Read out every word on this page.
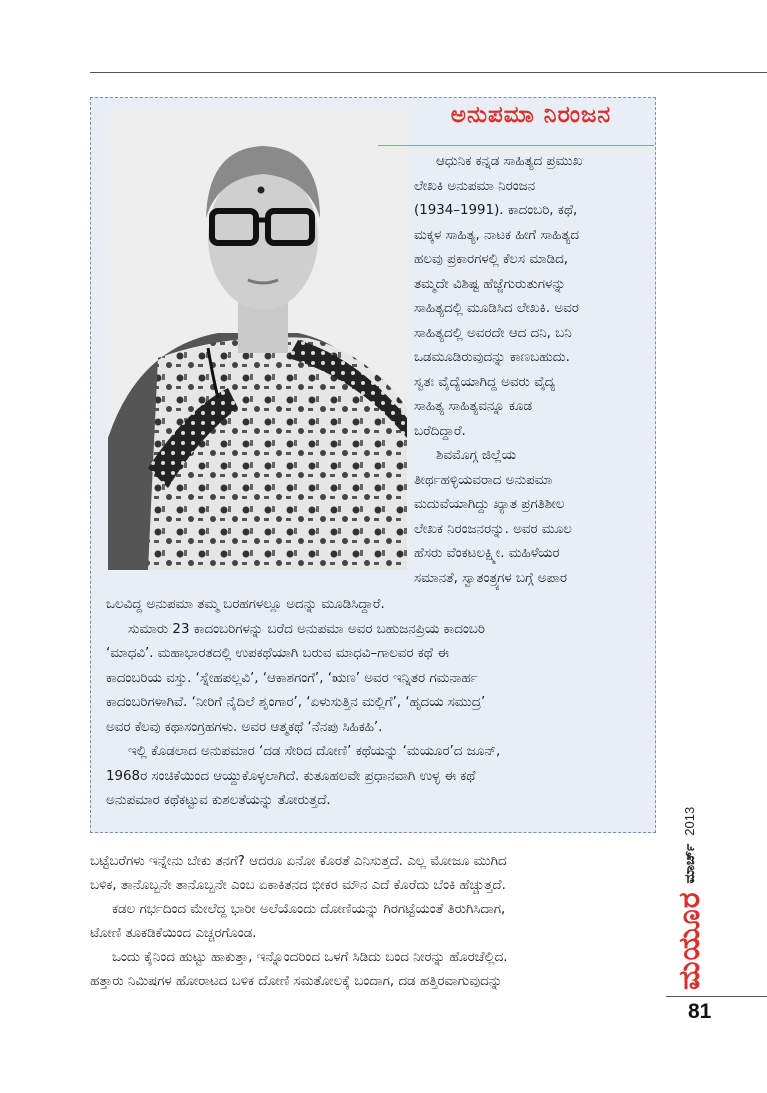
ಅನುಪಮಾ ನಿರಂಜನ

ಆಧುನಿಕ ಕನ್ನಡ ಸಾಹಿತ್ಯದ ಪ್ರಮುಖ

ಲೇಖಕಿ ಅನುಪಮಾ ನಿರಂಜನ

(1934–1991). ಕಾದಂಬರಿ, ಕಥೆ,

ಮಕ್ಕಳ ಸಾಹಿತ್ಯ, ನಾಟಕ ಹೀಗೆ ಸಾಹಿತ್ಯದ

ಹಲವು ಪ್ರಕಾರಗಳಲ್ಲಿ ಕೆಲಸ ಮಾಡಿದ,

ತಮ್ಮದೇ ವಿಶಿಷ್ಟ ಹೆಜ್ಜೆಗುರುತುಗಳನ್ನು

ಸಾಹಿತ್ಯದಲ್ಲಿ ಮೂಡಿಸಿದ ಲೇಖಕಿ. ಅವರ

ಸಾಹಿತ್ಯದಲ್ಲಿ ಅವರದೇ ಆದ ದನಿ, ಬನಿ

ಒಡಮೂಡಿರುವುದನ್ನು ಕಾಣಬಹುದು.

ಸ್ವತಃ ವೈದ್ಯೆಯಾಗಿದ್ದ ಅವರು ವೈದ್ಯ

ಸಾಹಿತ್ಯ ಸಾಹಿತ್ಯವನ್ನೂ ಕೂಡ

ಬರೆದಿದ್ದಾರೆ.

ಶಿವಮೊಗ್ಗ ಜಿಲ್ಲೆಯ

ತೀರ್ಥಹಳ್ಳಿಯವರಾದ ಅನುಪಮಾ

ಮದುವೆಯಾಗಿದ್ದು ಖ್ಯಾತ ಪ್ರಗತಿಶೀಲ

ಲೇಖಕ ನಿರಂಜನರನ್ನು. ಅವರ ಮೂಲ

ಹೆಸರು ವೆಂಕಟಲಕ್ಷ್ಮೀ. ಮಹಿಳೆಯರ

ಸಮಾನತೆ, ಸ್ವಾತಂತ್ರ್ಯಗಳ ಬಗ್ಗೆ ಅಪಾರ

ಒಲವಿದ್ದ ಅನುಪಮಾ ತಮ್ಮ ಬರಹಗಳಲ್ಲೂ ಅದನ್ನು ಮೂಡಿಸಿದ್ದಾರೆ.

ಸುಮಾರು 23 ಕಾದಂಬರಿಗಳನ್ನು ಬರೆದ ಅನುಪಮಾ ಅವರ ಬಹುಜನಪ್ರಿಯ ಕಾದಂಬರಿ

‘ಮಾಧವಿ’. ಮಹಾಭಾರತದಲ್ಲಿ ಉಪಕಥೆಯಾಗಿ ಬರುವ ಮಾಧವಿ–ಗಾಲವರ ಕಥೆ ಈ

ಕಾದಂಬರಿಯ ವಸ್ತು. ‘ಸ್ನೇಹಪಲ್ಲವಿ’, ‘ಆಕಾಶಗಂಗೆ’, ‘ಋಣ’ ಅವರ ಇನ್ನಿತರ ಗಮನಾರ್ಹ

ಕಾದಂಬರಿಗಳಾಗಿವೆ. ‘ನೀರಿಗೆ ನೈದಿಲೆ ಶೃಂಗಾರ’, ‘ಏಳುಸುತ್ತಿನ ಮಲ್ಲಿಗೆ’, ‘ಹೃದಯ ಸಮುದ್ರ’

ಅವರ ಕೆಲವು ಕಥಾಸಂಗ್ರಹಗಳು. ಅವರ ಆತ್ಮಕಥೆ ‘ನೆನಪು ಸಿಹಿಕಹಿ’.

ಇಲ್ಲಿ ಕೊಡಲಾದ ಅನುಪಮಾರ ‘ದಡ ಸೇರಿದ ದೋಣಿ’ ಕಥೆಯನ್ನು ‘ಮಯೂರ’ದ ಜೂನ್,

1968ರ ಸಂಚಿಕೆಯಿಂದ ಆಯ್ದುಕೊಳ್ಳಲಾಗಿದೆ. ಕುತೂಹಲವೇ ಪ್ರಧಾನವಾಗಿ ಉಳ್ಳ ಈ ಕಥೆ

ಅನುಪಮಾರ ಕಥೆಕಟ್ಟುವ ಕುಶಲತೆಯನ್ನು ತೋರುತ್ತದೆ.

ಬಟ್ಟೆಬರೆಗಳು ಇನ್ನೇನು ಬೇಕು ತನಗೆ? ಆದರೂ ಏನೋ ಕೊರತೆ ಎನಿಸುತ್ತದೆ. ಎಲ್ಲ ಮೋಜೂ ಮುಗಿದ

ಬಳಿಕ, ತಾನೊಬ್ಬನೇ ತಾನೊಬ್ಬನೇ ಎಂಬ ಏಕಾಕಿತನದ ಭೀಕರ ಮೌನ ಎದೆ ಕೊರೆದು ಬೆಂಕಿ ಹೆಚ್ಚುತ್ತದೆ.

ಕಡಲ ಗರ್ಭದಿಂದ ಮೇಲೆದ್ದ ಭಾರೀ ಅಲೆಯೊಂದು ದೋಣಿಯನ್ನು ಗಿರಗಟ್ಟೆಯಂತೆ ತಿರುಗಿಸಿದಾಗ,

ಟೋಣಿ ತೂಕಡಿಕೆಯಿಂದ ಎಚ್ಚರಗೊಂಡ.

ಒಂದು ಕೈನಿಂದ ಹುಟ್ಟು ಹಾಕುತ್ತಾ, ಇನ್ನೊಂದರಿಂದ ಒಳಗೆ ಸಿಡಿದು ಬಂದ ನೀರನ್ನು ಹೊರಚೆಲ್ಲಿದ.

ಹತ್ತಾರು ನಿಮಿಷಗಳ ಹೋರಾಟದ ಬಳಿಕ ದೋಣಿ ಸಮತೋಲಕ್ಕೆ ಬಂದಾಗ, ದಡ ಹತ್ತಿರವಾಗುವುದನ್ನು	ಮಯೂರ
ಮಾರ್ಚ್
2013
81
